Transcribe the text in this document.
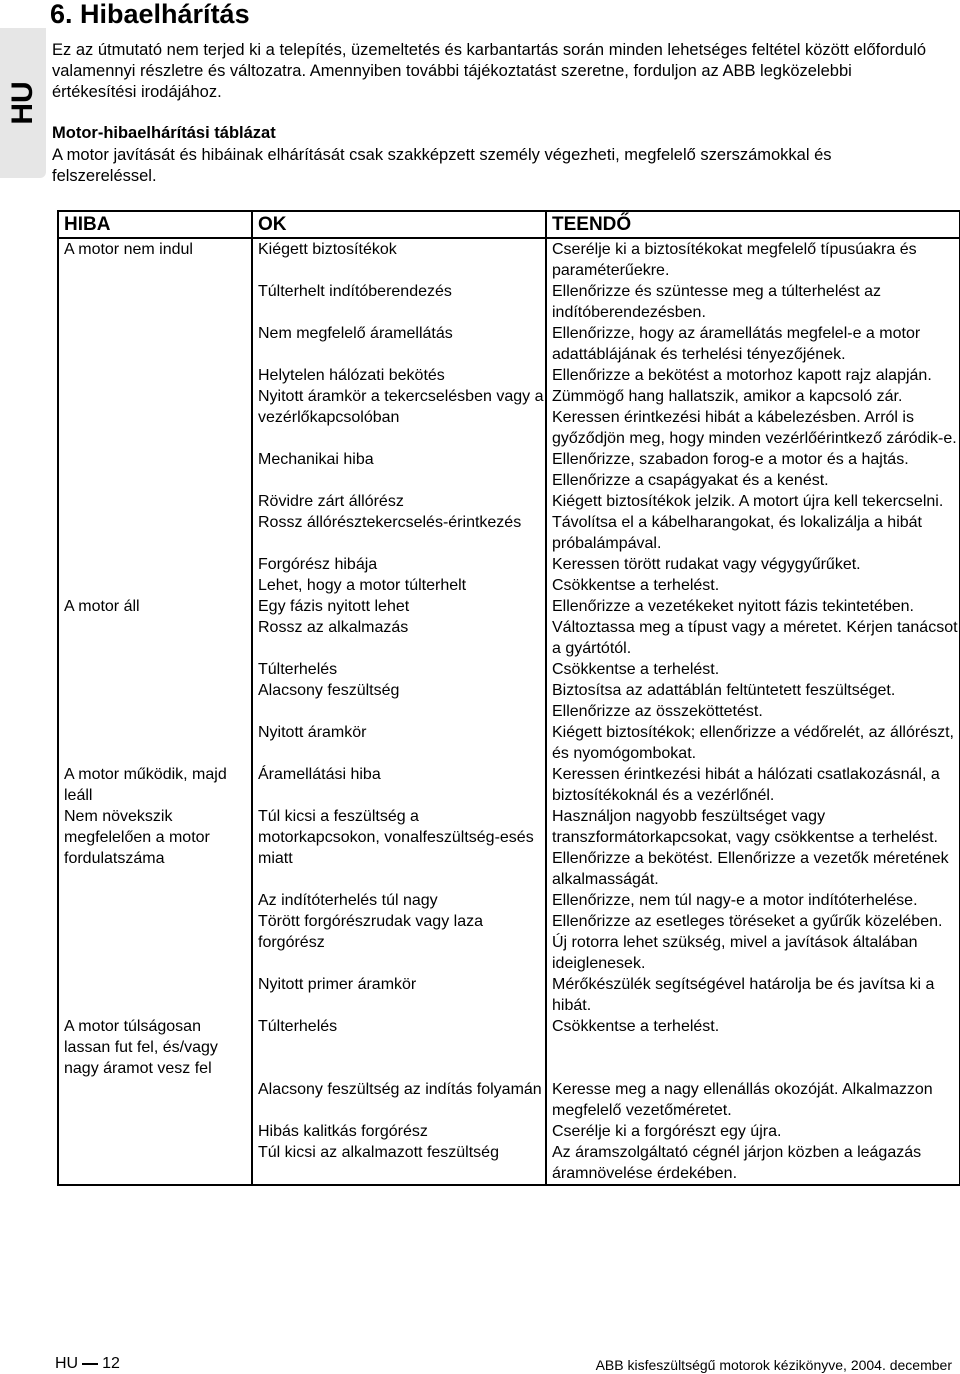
HU
6. Hibaelhárítás

Ez az útmutató nem terjed ki a telepítés, üzemeltetés és karbantartás során minden lehetséges feltétel között előforduló valamennyi részletre és változatra. Amennyiben további tájékoztatást szeretne, forduljon az ABB legközelebbi értékesítési irodájához.

Motor-hibaelhárítási táblázat

A motor javítását és hibáinak elhárítását csak szakképzett személy végezheti, megfelelő szerszámokkal és felszereléssel.

HIBA	OK	TEENDŐ
A motor nem indul	Kiégett biztosítékok	Cserélje ki a biztosítékokat megfelelő típusúakra és paraméterűekre.
	Túlterhelt indítóberendezés	Ellenőrizze és szüntesse meg a túlterhelést az indítóberendezésben.
	Nem megfelelő áramellátás	Ellenőrizze, hogy az áramellátás megfelel-e a motor adattáblájának és terhelési tényezőjének.
	Helytelen hálózati bekötés	Ellenőrizze a bekötést a motorhoz kapott rajz alapján.
	Nyitott áramkör a tekercselésben vagy a vezérlőkapcsolóban	Zümmögő hang hallatszik, amikor a kapcsoló zár. Keressen érintkezési hibát a kábelezésben. Arról is győződjön meg, hogy minden vezérlőérintkező záródik-e.
	Mechanikai hiba	Ellenőrizze, szabadon forog-e a motor és a hajtás. Ellenőrizze a csapágyakat és a kenést.
	Rövidre zárt állórész	Kiégett biztosítékok jelzik. A motort újra kell tekercselni.
	Rossz állórésztekercselés-érintkezés	Távolítsa el a kábelharangokat, és lokalizálja a hibát próbalámpával.
	Forgórész hibája	Keressen törött rudakat vagy végygyűrűket.
	Lehet, hogy a motor túlterhelt	Csökkentse a terhelést.
A motor áll	Egy fázis nyitott lehet	Ellenőrizze a vezetékeket nyitott fázis tekintetében.
	Rossz az alkalmazás	Változtassa meg a típust vagy a méretet. Kérjen tanácsot a gyártótól.
	Túlterhelés	Csökkentse a terhelést.
	Alacsony feszültség	Biztosítsa az adattáblán feltüntetett feszültséget. Ellenőrizze az összeköttetést.
	Nyitott áramkör	Kiégett biztosítékok; ellenőrizze a védőrelét, az állórészt, és nyomógombokat.
A motor működik, majd leáll	Áramellátási hiba	Keressen érintkezési hibát a hálózati csatlakozásnál, a biztosítékoknál és a vezérlőnél.
Nem növekszik megfelelően a motor fordulatszáma	Túl kicsi a feszültség a motorkapcsokon, vonalfeszültség-esés miatt	Használjon nagyobb feszültséget vagy transzformátorkapcsokat, vagy csökkentse a terhelést. Ellenőrizze a bekötést. Ellenőrizze a vezetők méretének alkalmasságát.
	Az indítóterhelés túl nagy	Ellenőrizze, nem túl nagy-e a motor indítóterhelése.
	Törött forgórészrudak vagy laza forgórész	Ellenőrizze az esetleges töréseket a gyűrűk közelében. Új rotorra lehet szükség, mivel a javítások általában ideiglenesek.
	Nyitott primer áramkör	Mérőkészülék segítségével határolja be és javítsa ki a hibát.
A motor túlságosan lassan fut fel, és/vagy nagy áramot vesz fel	Túlterhelés	Csökkentse a terhelést.
	Alacsony feszültség az indítás folyamán	Keresse meg a nagy ellenállás okozóját. Alkalmazzon megfelelő vezetőméretet.
	Hibás kalitkás forgórész	Cserélje ki a forgórészt egy újra.
	Túl kicsi az alkalmazott feszültség	Az áramszolgáltató cégnél járjon közben a leágazás áramnövelése érdekében.
HU 12	ABB kisfeszültségű motorok kézikönyve, 2004. december
